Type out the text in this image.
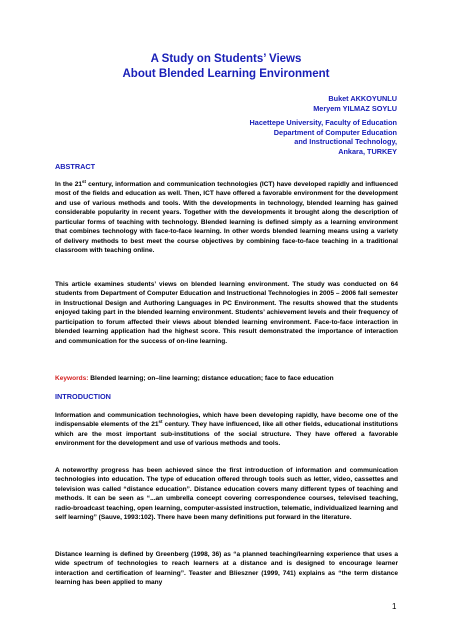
A Study on Students’ Views
About Blended Learning Environment
Buket AKKOYUNLU
Meryem YILMAZ SOYLU
Hacettepe University, Faculty of Education
Department of Computer Education
and Instructional Technology,
Ankara, TURKEY
ABSTRACT
In the 21st century, information and communication technologies (ICT) have developed rapidly and influenced most of the fields and education as well. Then, ICT have offered a favorable environment for the development and use of various methods and tools. With the developments in technology, blended learning has gained considerable popularity in recent years. Together with the developments it brought along the description of particular forms of teaching with technology. Blended learning is defined simply as a learning environment that combines technology with face-to-face learning. In other words blended learning means using a variety of delivery methods to best meet the course objectives by combining face-to-face teaching in a traditional classroom with teaching online.
This article examines students’ views on blended learning environment. The study was conducted on 64 students from Department of Computer Education and Instructional Technologies in 2005 – 2006 fall semester in Instructional Design and Authoring Languages in PC Environment. The results showed that the students enjoyed taking part in the blended learning environment. Students’ achievement levels and their frequency of participation to forum affected their views about blended learning environment. Face-to-face interaction in blended learning application had the highest score. This result demonstrated the importance of interaction and communication for the success of on-line learning.
Keywords: Blended learning; on–line learning; distance education; face to face education
INTRODUCTION
Information and communication technologies, which have been developing rapidly, have become one of the indispensable elements of the 21st century. They have influenced, like all other fields, educational institutions which are the most important sub-institutions of the social structure. They have offered a favorable environment for the development and use of various methods and tools.
A noteworthy progress has been achieved since the first introduction of information and communication technologies into education. The type of education offered through tools such as letter, video, cassettes and television was called “distance education”. Distance education covers many different types of teaching and methods. It can be seen as “...an umbrella concept covering correspondence courses, televised teaching, radio-broadcast teaching, open learning, computer-assisted instruction, telematic, individualized learning and self learning” (Sauve, 1993:102). There have been many definitions put forward in the literature.
Distance learning is defined by Greenberg (1998, 36) as “a planned teaching/learning experience that uses a wide spectrum of technologies to reach learners at a distance and is designed to encourage learner interaction and certification of learning”. Teaster and Blieszner (1999, 741) explains as “the term distance learning has been applied to many
1
